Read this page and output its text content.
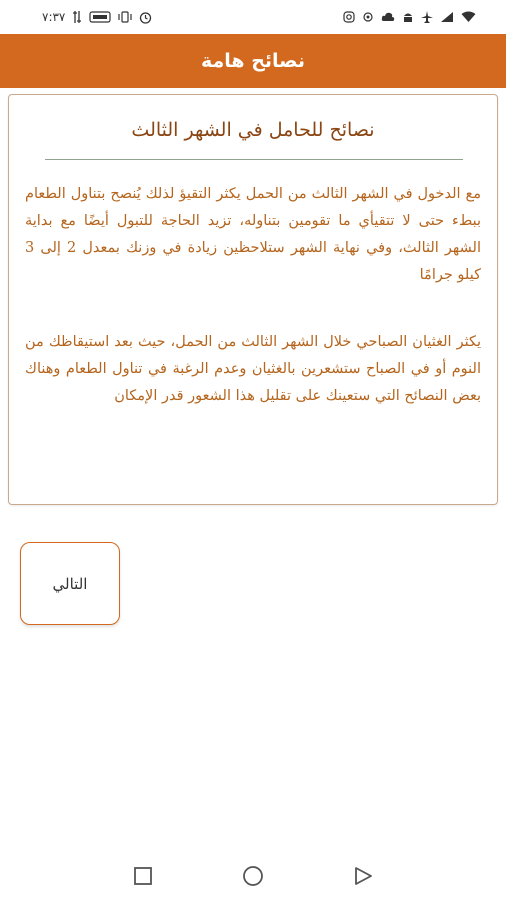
٧:٣٧
نصائح هامة
نصائح للحامل في الشهر الثالث

مع الدخول في الشهر الثالث من الحمل يكثر التقيؤ لذلك يُنصح بتناول الطعام ببطء حتى لا تتقيأي ما تقومين بتناوله، تزيد الحاجة للتبول أيضًا مع بداية الشهر الثالث، وفي نهاية الشهر ستلاحظين زيادة في وزنك بمعدل 2 إلى 3 كيلو جرامًا

يكثر الغثيان الصباحي خلال الشهر الثالث من الحمل، حيث بعد استيقاظك من النوم أو في الصباح ستشعرين بالغثيان وعدم الرغبة في تناول الطعام وهناك بعض النصائح التي ستعينك على تقليل هذا الشعور قدر الإمكان

التالي
